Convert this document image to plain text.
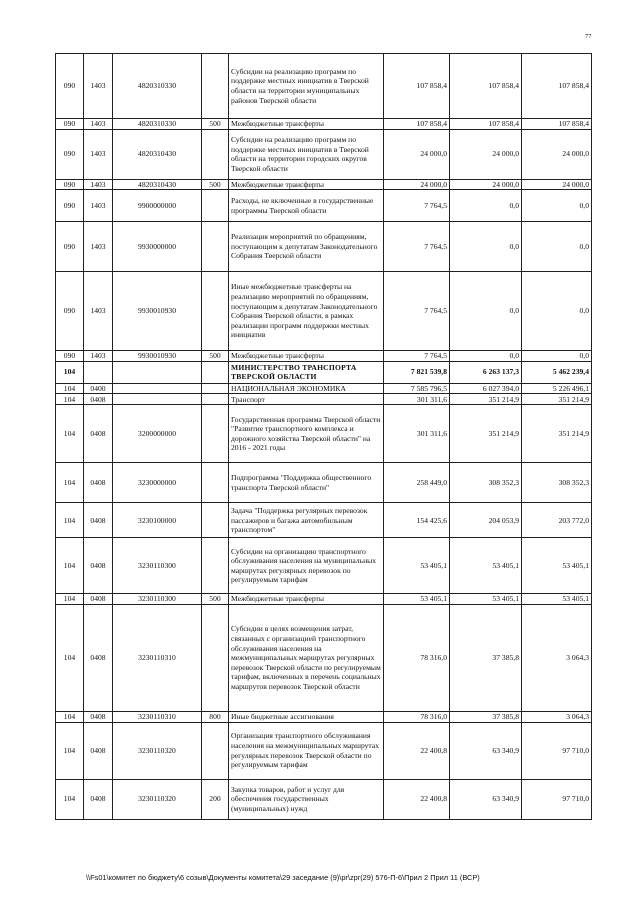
77
090	1403	4820310330		Субсидии на реализацию программ по поддержке местных инициатив в Тверской области на территории муниципальных районов Тверской области	107 858,4	107 858,4	107 858,4
090	1403	4820310330	500	Межбюджетные трансферты	107 858,4	107 858,4	107 858,4
090	1403	4820310430		Субсидии на реализацию программ по поддержке местных инициатив в Тверской области на территории городских округов Тверской области	24 000,0	24 000,0	24 000,0
090	1403	4820310430	500	Межбюджетные трансферты	24 000,0	24 000,0	24 000,0
090	1403	9900000000		Расходы, не включенные в государственные программы Тверской области	7 764,5	0,0	0,0
090	1403	9930000000		Реализация мероприятий по обращениям, поступающим к депутатам Законодательного Собрания Тверской области	7 764,5	0,0	0,0
090	1403	9930010930		Иные межбюджетные трансферты на реализацию мероприятий по обращениям, поступающим к депутатам Законодательного Собрания Тверской области, в рамках реализации программ поддержки местных инициатив	7 764,5	0,0	0,0
090	1403	9930010930	500	Межбюджетные трансферты	7 764,5	0,0	0,0
104				МИНИСТЕРСТВО ТРАНСПОРТА ТВЕРСКОЙ ОБЛАСТИ	7 821 539,8	6 263 137,3	5 462 239,4
104	0400			НАЦИОНАЛЬНАЯ ЭКОНОМИКА	7 585 796,5	6 027 394,0	5 226 496,1
104	0408			Транспорт	301 311,6	351 214,9	351 214,9
104	0408	3200000000		Государственная программа Тверской области "Развитие транспортного комплекса и дорожного хозяйства Тверской области" на 2016 - 2021 годы	301 311,6	351 214,9	351 214,9
104	0408	3230000000		Подпрограмма "Поддержка общественного транспорта Тверской области"	258 449,0	308 352,3	308 352,3
104	0408	3230100000		Задача "Поддержка регулярных перевозок пассажиров и багажа автомобильным транспортом"	154 425,6	204 053,9	203 772,0
104	0408	3230110300		Субсидии на организацию транспортного обслуживания населения на муниципальных маршрутах регулярных перевозок по регулируемым тарифам	53 405,1	53 405,1	53 405,1
104	0408	3230110300	500	Межбюджетные трансферты	53 405,1	53 405,1	53 405,1
104	0408	3230110310		Субсидии в целях возмещения затрат, связанных с организацией транспортного обслуживания населения на межмуниципальных маршрутах регулярных перевозок Тверской области по регулируемым тарифам, включенных в перечень социальных маршрутов перевозок Тверской области	78 316,0	37 385,8	3 064,3
104	0408	3230110310	800	Иные бюджетные ассигнования	78 316,0	37 385,8	3 064,3
104	0408	3230110320		Организация транспортного обслуживания населения на межмуниципальных маршрутах регулярных перевозок Тверской области по регулируемым тарифам	22 400,8	63 340,9	97 710,0
104	0408	3230110320	200	Закупка товаров, работ и услуг для обеспечения государственных (муниципальных) нужд	22 400,8	63 340,9	97 710,0
\\Fs01\комитет по бюджету\6 созыв\Документы комитета\29 заседание (9)\pr\zpr(29) 576-П-6\Прил 2 Прил 11 (ВСР)
